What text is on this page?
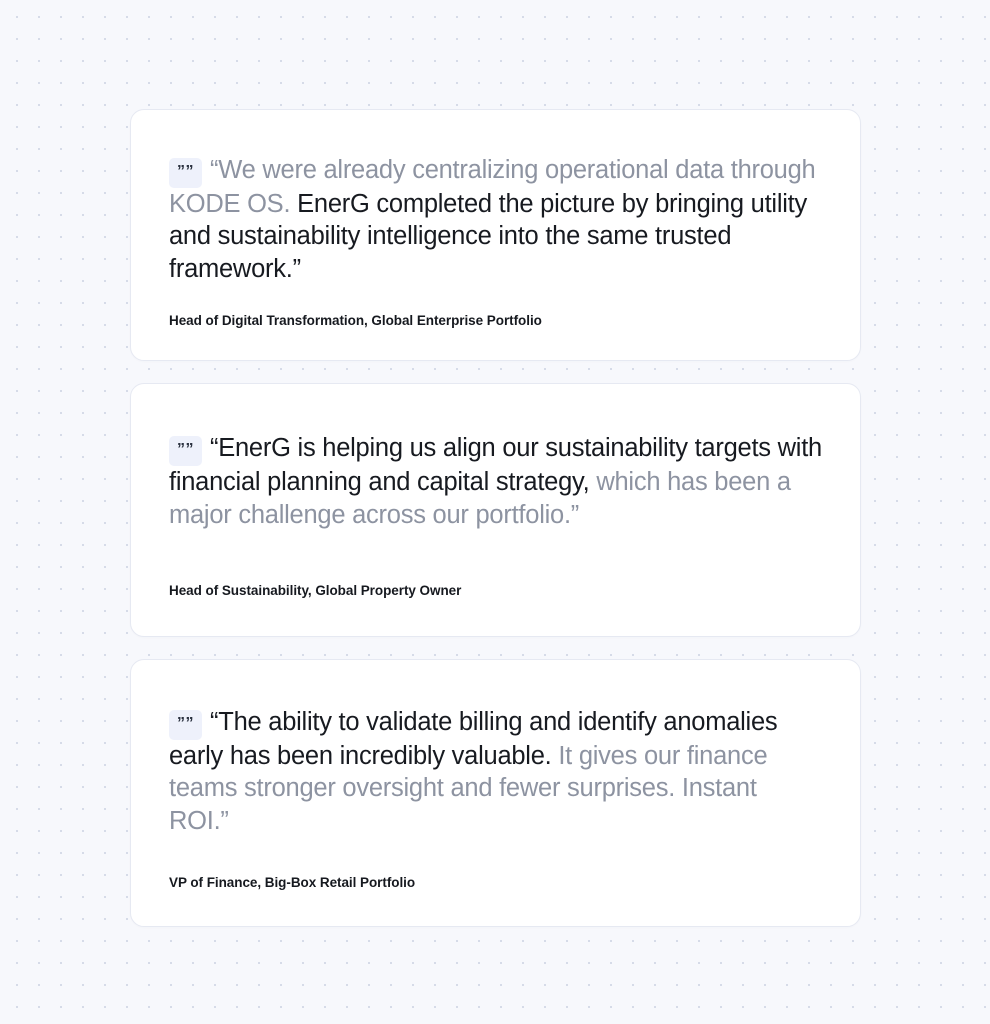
”” “We were already centralizing operational data through KODE OS. EnerG completed the picture by bringing utility and sustainability intelligence into the same trusted framework.”

Head of Digital Transformation, Global Enterprise Portfolio

”” “EnerG is helping us align our sustainability targets with financial planning and capital strategy, which has been a major challenge across our portfolio.”

Head of Sustainability, Global Property Owner

”” “The ability to validate billing and identify anomalies early has been incredibly valuable. It gives our finance teams stronger oversight and fewer surprises. Instant ROI.”

VP of Finance, Big-Box Retail Portfolio
